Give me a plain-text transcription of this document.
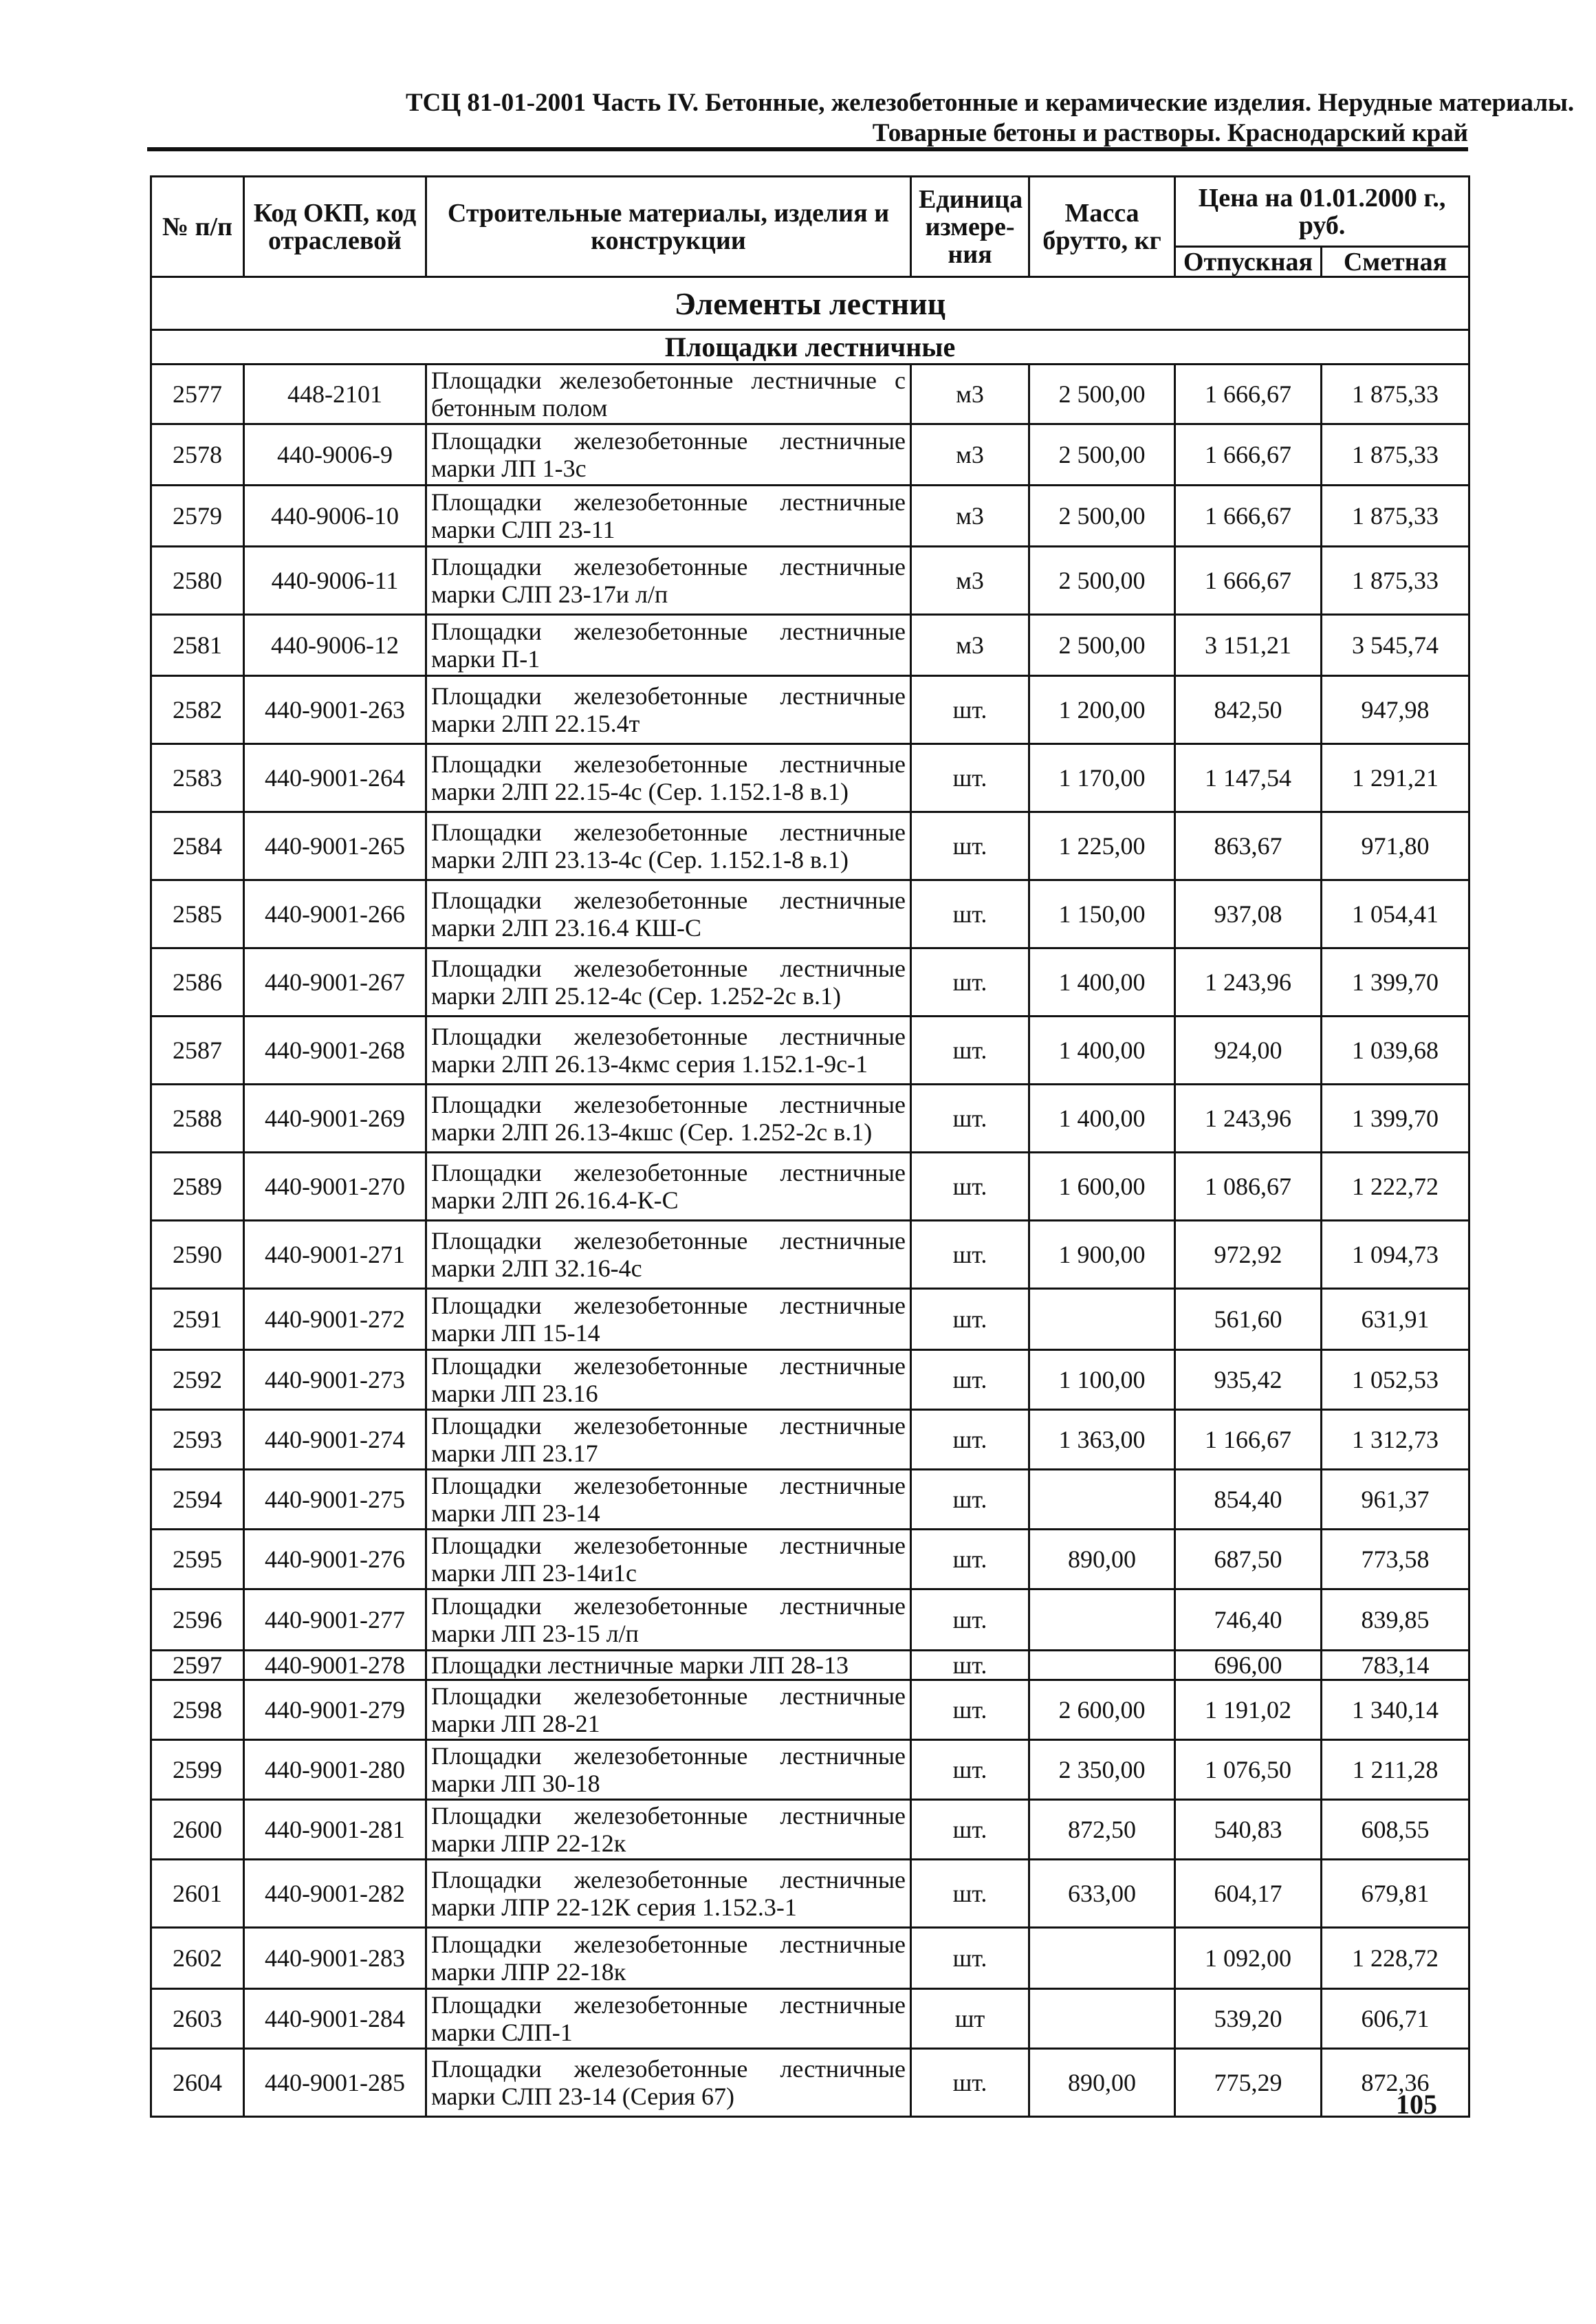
ТСЦ 81-01-2001 Часть IV. Бетонные, железобетонные и керамические изделия. Нерудные материалы.
Товарные бетоны и растворы. Краснодарский край
№ п/п	Код ОКП, код отраслевой	Строительные материалы, изделия и конструкции	Единица измере-ния	Масса брутто, кг	Цена на 01.01.2000 г., руб.	
					Отпускная	Сметная
Элементы лестниц						
Площадки лестничные						
2577	448-2101	Площадки железобетонные лестничные с бетонным полом	м3	2 500,00	1 666,67	1 875,33
2578	440-9006-9	Площадки железобетонные лестничные марки ЛП 1-3с	м3	2 500,00	1 666,67	1 875,33
2579	440-9006-10	Площадки железобетонные лестничные марки СЛП 23-11	м3	2 500,00	1 666,67	1 875,33
2580	440-9006-11	Площадки железобетонные лестничные марки СЛП 23-17и л/п	м3	2 500,00	1 666,67	1 875,33
2581	440-9006-12	Площадки железобетонные лестничные марки П-1	м3	2 500,00	3 151,21	3 545,74
2582	440-9001-263	Площадки железобетонные лестничные марки 2ЛП 22.15.4т	шт.	1 200,00	842,50	947,98
2583	440-9001-264	Площадки железобетонные лестничные марки 2ЛП 22.15-4с (Сер. 1.152.1-8 в.1)	шт.	1 170,00	1 147,54	1 291,21
2584	440-9001-265	Площадки железобетонные лестничные марки 2ЛП 23.13-4с (Сер. 1.152.1-8 в.1)	шт.	1 225,00	863,67	971,80
2585	440-9001-266	Площадки железобетонные лестничные марки 2ЛП 23.16.4 КШ-С	шт.	1 150,00	937,08	1 054,41
2586	440-9001-267	Площадки железобетонные лестничные марки 2ЛП 25.12-4с (Сер. 1.252-2с в.1)	шт.	1 400,00	1 243,96	1 399,70
2587	440-9001-268	Площадки железобетонные лестничные марки 2ЛП 26.13-4кмс серия 1.152.1-9с-1	шт.	1 400,00	924,00	1 039,68
2588	440-9001-269	Площадки железобетонные лестничные марки 2ЛП 26.13-4кшс (Сер. 1.252-2с в.1)	шт.	1 400,00	1 243,96	1 399,70
2589	440-9001-270	Площадки железобетонные лестничные марки 2ЛП 26.16.4-К-С	шт.	1 600,00	1 086,67	1 222,72
2590	440-9001-271	Площадки железобетонные лестничные марки 2ЛП 32.16-4с	шт.	1 900,00	972,92	1 094,73
2591	440-9001-272	Площадки железобетонные лестничные марки ЛП 15-14	шт.		561,60	631,91
2592	440-9001-273	Площадки железобетонные лестничные марки ЛП 23.16	шт.	1 100,00	935,42	1 052,53
2593	440-9001-274	Площадки железобетонные лестничные марки ЛП 23.17	шт.	1 363,00	1 166,67	1 312,73
2594	440-9001-275	Площадки железобетонные лестничные марки ЛП 23-14	шт.		854,40	961,37
2595	440-9001-276	Площадки железобетонные лестничные марки ЛП 23-14и1с	шт.	890,00	687,50	773,58
2596	440-9001-277	Площадки железобетонные лестничные марки ЛП 23-15 л/п	шт.		746,40	839,85
2597	440-9001-278	Площадки лестничные марки ЛП 28-13	шт.		696,00	783,14
2598	440-9001-279	Площадки железобетонные лестничные марки ЛП 28-21	шт.	2 600,00	1 191,02	1 340,14
2599	440-9001-280	Площадки железобетонные лестничные марки ЛП 30-18	шт.	2 350,00	1 076,50	1 211,28
2600	440-9001-281	Площадки железобетонные лестничные марки ЛПР 22-12к	шт.	872,50	540,83	608,55
2601	440-9001-282	Площадки железобетонные лестничные марки ЛПР 22-12К серия 1.152.3-1	шт.	633,00	604,17	679,81
2602	440-9001-283	Площадки железобетонные лестничные марки ЛПР 22-18к	шт.		1 092,00	1 228,72
2603	440-9001-284	Площадки железобетонные лестничные марки СЛП-1	шт		539,20	606,71
2604	440-9001-285	Площадки железобетонные лестничные марки СЛП 23-14 (Серия 67)	шт.	890,00	775,29	872,36
105
